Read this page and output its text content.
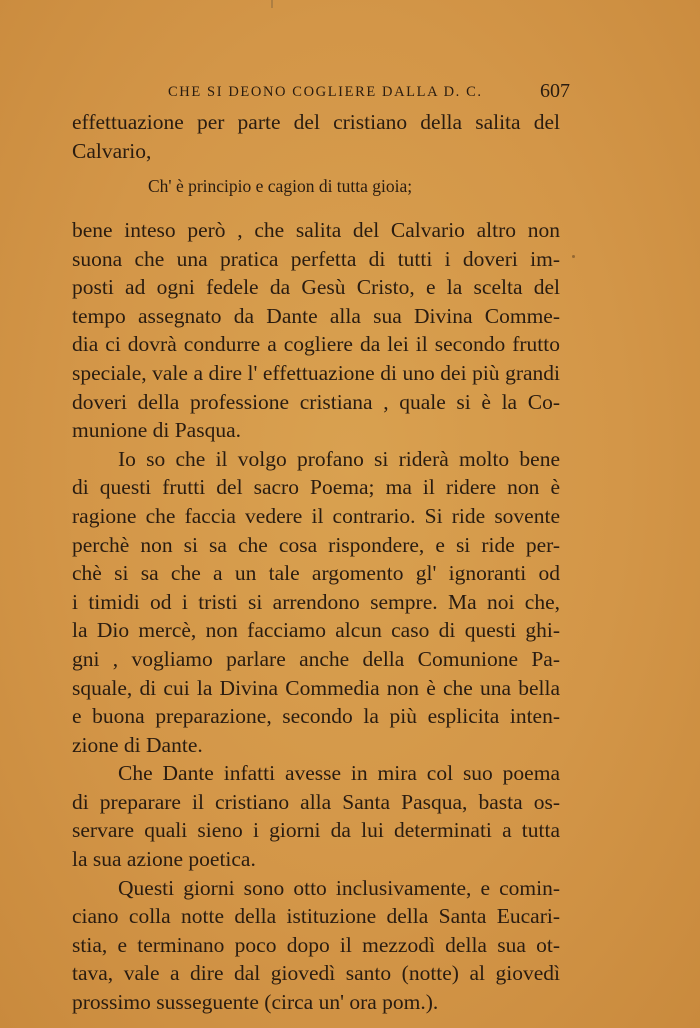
CHE SI DEONO COGLIERE DALLA D. C.	607
effettuazione per parte del cristiano della salita del
Calvario,
Ch' è principio e cagion di tutta gioia;
bene inteso però , che salita del Calvario altro non
suona che una pratica perfetta di tutti i doveri im-
posti ad ogni fedele da Gesù Cristo, e la scelta del
tempo assegnato da Dante alla sua Divina Comme-
dia ci dovrà condurre a cogliere da lei il secondo frutto
speciale, vale a dire l' effettuazione di uno dei più grandi
doveri della professione cristiana , quale si è la Co-
munione di Pasqua.
Io so che il volgo profano si riderà molto bene
di questi frutti del sacro Poema; ma il ridere non è
ragione che faccia vedere il contrario. Si ride sovente
perchè non si sa che cosa rispondere, e si ride per-
chè si sa che a un tale argomento gl' ignoranti od
i timidi od i tristi si arrendono sempre. Ma noi che,
la Dio mercè, non facciamo alcun caso di questi ghi-
gni , vogliamo parlare anche della Comunione Pa-
squale, di cui la Divina Commedia non è che una bella
e buona preparazione, secondo la più esplicita inten-
zione di Dante.
Che Dante infatti avesse in mira col suo poema
di preparare il cristiano alla Santa Pasqua, basta os-
servare quali sieno i giorni da lui determinati a tutta
la sua azione poetica.
Questi giorni sono otto inclusivamente, e comin-
ciano colla notte della istituzione della Santa Eucari-
stia, e terminano poco dopo il mezzodì della sua ot-
tava, vale a dire dal giovedì santo (notte) al giovedì
prossimo susseguente (circa un' ora pom.).
